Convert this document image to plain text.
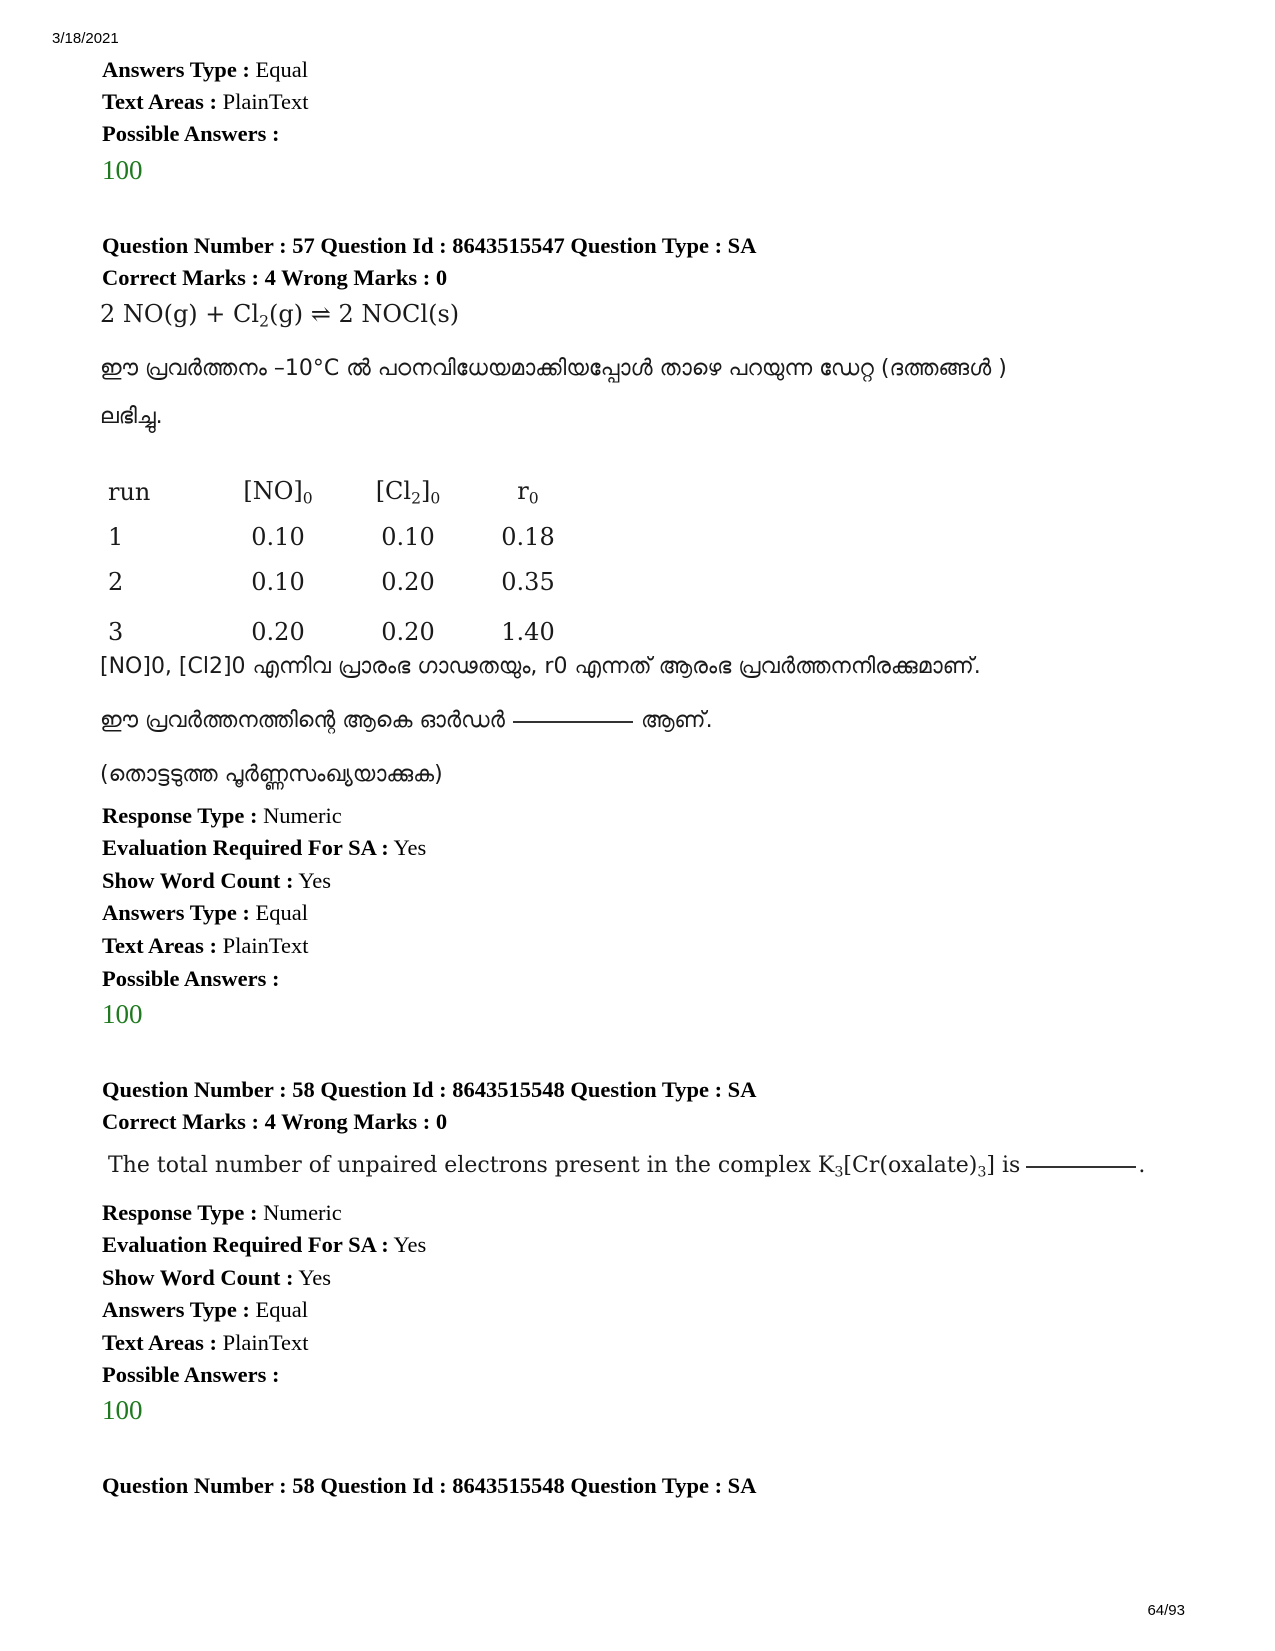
3/18/2021
Answers Type : Equal
Text Areas : PlainText
Possible Answers :
100
Question Number : 57 Question Id : 8643515547 Question Type : SA
Correct Marks : 4 Wrong Marks : 0
2 $NO(g) + Cl_2(g)$ ⇌ 2 NOCl(s)
ഈ പ്രവർത്തനം –10°C ൽ പഠനവിധേയമാക്കിയപ്പോൾ താഴെ പറയുന്ന ഡേറ്റ (ദത്തങ്ങൾ )
ലഭിച്ചു.
run	$[NO]_0$	$[Cl_2]_0$	$r_0$
1	0.10	0.10	0.18
2	0.10	0.20	0.35
3	0.20	0.20	1.40
[NO]0, [Cl2]0 എന്നിവ പ്രാരംഭ ഗാഢതയും, r0 എന്നത് ആരംഭ പ്രവർത്തനനിരക്കുമാണ്.
ഈ പ്രവർത്തനത്തിന്റെ ആകെ ഓർഡർ	ആണ്.
(തൊട്ടടുത്ത പൂർണ്ണസംഖ്യയാക്കുക)
Response Type : Numeric
Evaluation Required For SA : Yes
Show Word Count : Yes
Answers Type : Equal
Text Areas : PlainText
Possible Answers :
100
Question Number : 58 Question Id : 8643515548 Question Type : SA
Correct Marks : 4 Wrong Marks : 0
The total number of unpaired electrons present in the complex $K_3[Cr(oxalate)_3]$ is	.
Response Type : Numeric
Evaluation Required For SA : Yes
Show Word Count : Yes
Answers Type : Equal
Text Areas : PlainText
Possible Answers :
100
Question Number : 58 Question Id : 8643515548 Question Type : SA
64/93
